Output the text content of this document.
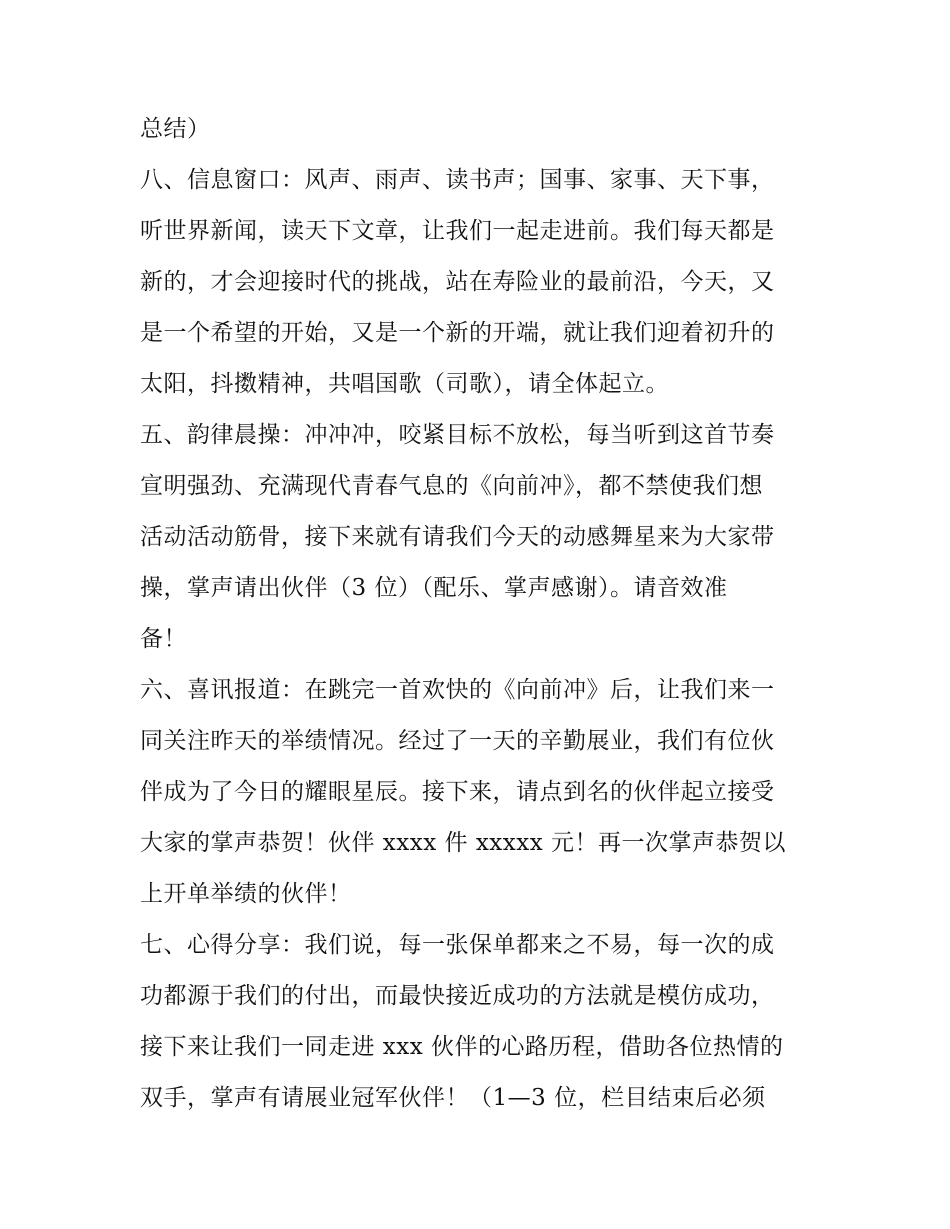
总结）
八、信息窗口：风声、雨声、读书声；国事、家事、天下事，
听世界新闻，读天下文章，让我们一起走进前。我们每天都是
新的，才会迎接时代的挑战，站在寿险业的最前沿，今天，又
是一个希望的开始，又是一个新的开端，就让我们迎着初升的
太阳，抖擞精神，共唱国歌（司歌），请全体起立。
五、韵律晨操：冲冲冲，咬紧目标不放松，每当听到这首节奏
宣明强劲、充满现代青春气息的《向前冲》，都不禁使我们想
活动活动筋骨，接下来就有请我们今天的动感舞星来为大家带
操，掌声请出伙伴（3 位）（配乐、掌声感谢）。请音效准
备！
六、喜讯报道：在跳完一首欢快的《向前冲》后，让我们来一
同关注昨天的举绩情况。经过了一天的辛勤展业，我们有位伙
伴成为了今日的耀眼星辰。接下来，请点到名的伙伴起立接受
大家的掌声恭贺！伙伴 xxxx 件 xxxxx 元！再一次掌声恭贺以
上开单举绩的伙伴！
七、心得分享：我们说，每一张保单都来之不易，每一次的成
功都源于我们的付出，而最快接近成功的方法就是模仿成功，
接下来让我们一同走进 xxx 伙伴的心路历程，借助各位热情的
双手，掌声有请展业冠军伙伴！（1—3 位，栏目结束后必须
